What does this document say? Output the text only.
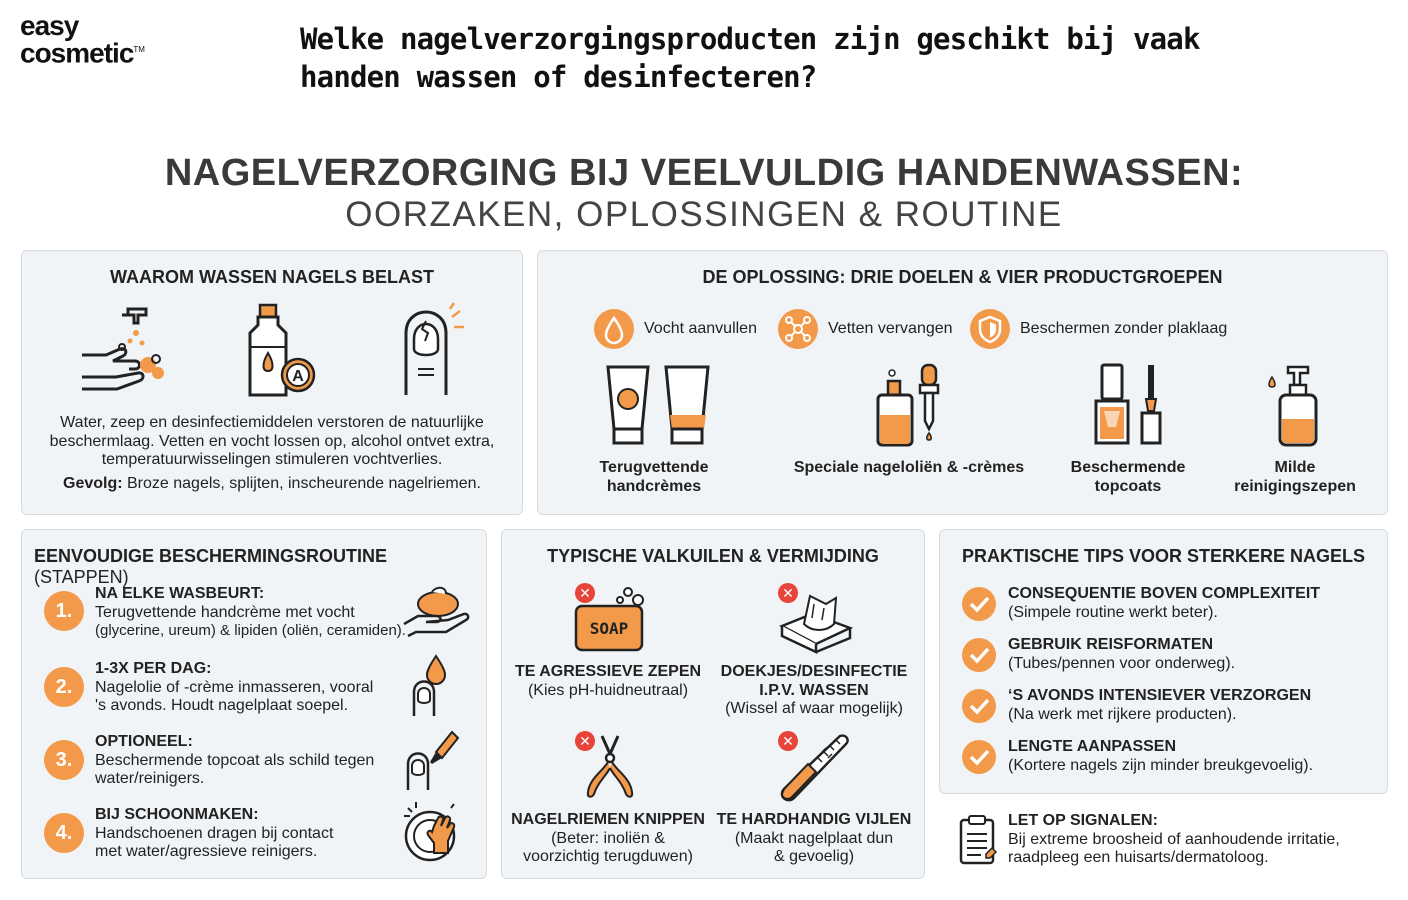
easy
cosmetic™	Welke nagelverzorgingsproducten zijn geschikt bij vaak handen wassen of desinfecteren?
NAGELVERZORGING BIJ VEELVULDIG HANDENWASSEN:
OORZAKEN, OPLOSSINGEN & ROUTINE
WAAROM WASSEN NAGELS BELAST
A
Water, zeep en desinfectiemiddelen verstoren de natuurlijke beschermlaag. Vetten en vocht lossen op, alcohol ontvet extra, temperatuurwisselingen stimuleren vochtverlies.
Gevolg: Broze nagels, splijten, inscheurende nagelriemen.
DE OPLOSSING: DRIE DOELEN & VIER PRODUCTGROEPEN
Vocht aanvullen	Vetten vervangen	Beschermen zonder plaklaag
Terugvettende
handcrèmes
Speciale nageloliën & -crèmes	Beschermende
topcoats
Milde
reinigingszepen
EENVOUDIGE BESCHERMINGSROUTINE (STAPPEN)
1.
NA ELKE WASBEURT:
Terugvettende handcrème met vocht
(glycerine, ureum) & lipiden (oliën, ceramiden).
2.
1-3X PER DAG:
Nagelolie of -crème inmasseren, vooral
's avonds. Houdt nagelplaat soepel.
3.
OPTIONEEL:
Beschermende topcoat als schild tegen
water/reinigers.
4.
BIJ SCHOONMAKEN:
Handschoenen dragen bij contact
met water/agressieve reinigers.
TYPISCHE VALKUILEN & VERMIJDING
✕
SOAP
TE AGRESSIEVE ZEPEN
(Kies pH-huidneutraal)
✕
DOEKJES/DESINFECTIE
I.P.V. WASSEN
(Wissel af waar mogelijk)
✕
NAGELRIEMEN KNIPPEN
(Beter: inoliën &
voorzichtig terugduwen)
✕
TE HARDHANDIG VIJLEN
(Maakt nagelplaat dun
& gevoelig)
PRAKTISCHE TIPS VOOR STERKERE NAGELS
CONSEQUENTIE BOVEN COMPLEXITEIT
(Simpele routine werkt beter).
GEBRUIK REISFORMATEN
(Tubes/pennen voor onderweg).
‘S AVONDS INTENSIEVER VERZORGEN
(Na werk met rijkere producten).
LENGTE AANPASSEN
(Kortere nagels zijn minder breukgevoelig).
LET OP SIGNALEN:
Bij extreme broosheid of aanhoudende irritatie,
raadpleeg een huisarts/dermatoloog.
